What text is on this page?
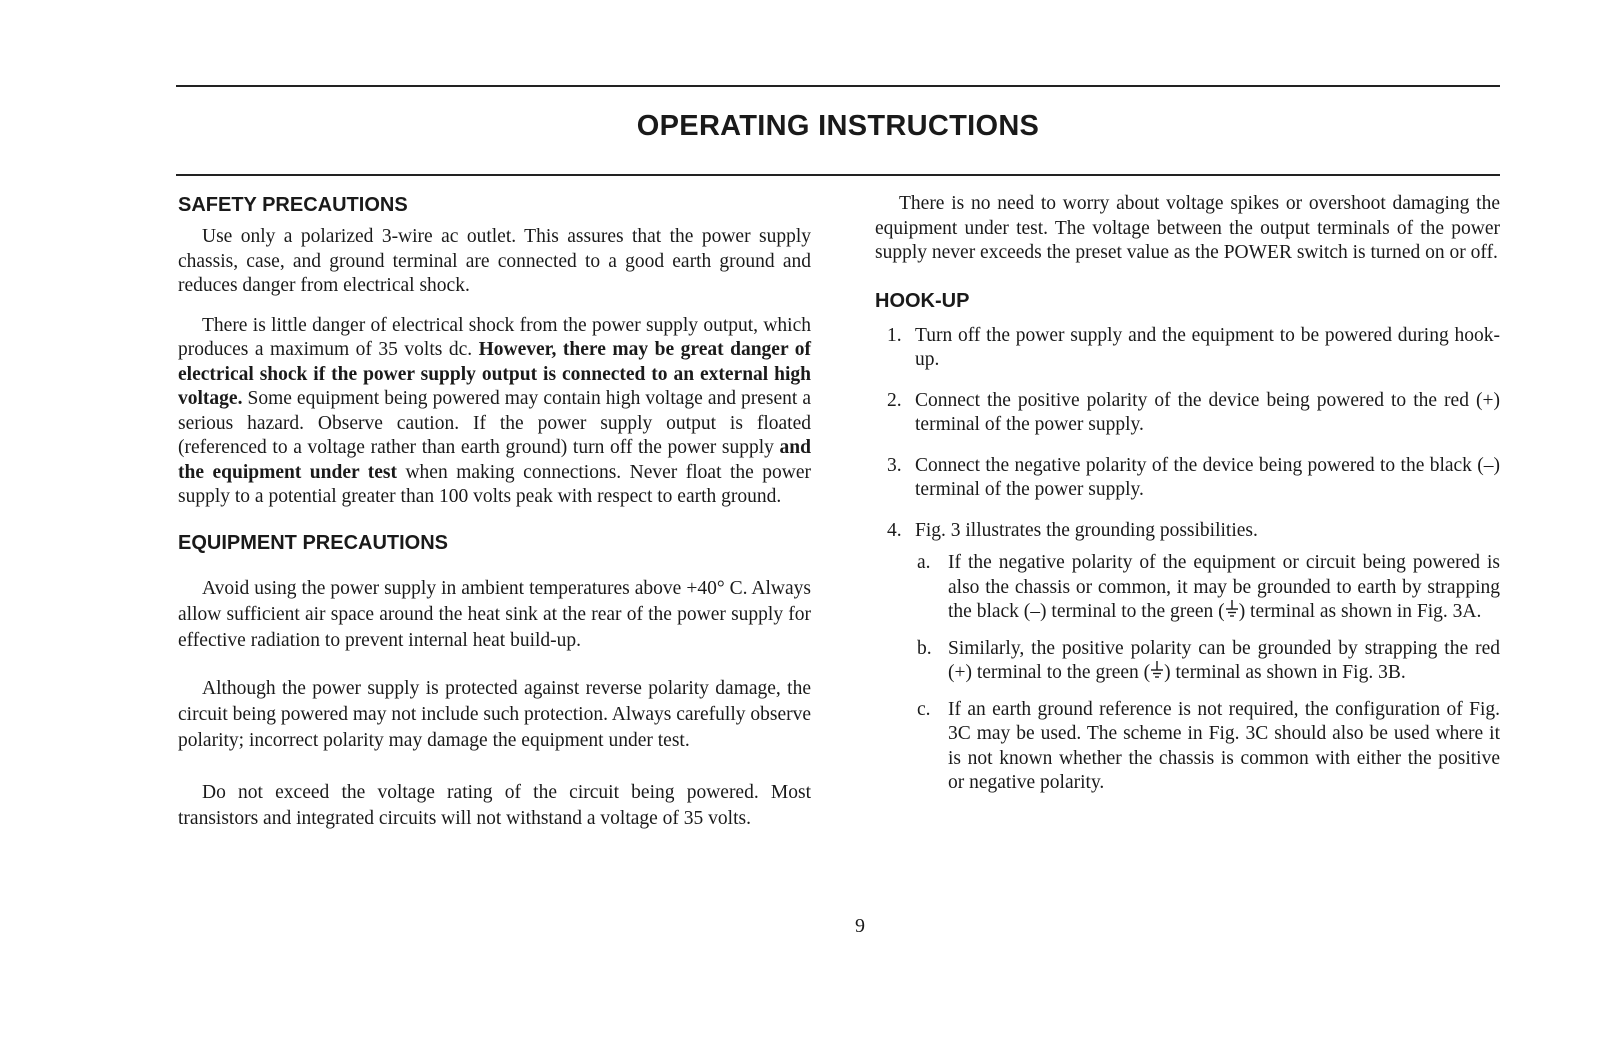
OPERATING INSTRUCTIONS
SAFETY PRECAUTIONS

Use only a polarized 3-wire ac outlet. This assures that the power supply chassis, case, and ground terminal are connected to a good earth ground and reduces danger from electrical shock.

There is little danger of electrical shock from the power supply output, which produces a maximum of 35 volts dc. However, there may be great danger of electrical shock if the power supply output is connected to an external high voltage. Some equipment being powered may contain high voltage and present a serious hazard. Observe caution. If the power supply output is floated (referenced to a voltage rather than earth ground) turn off the power supply and the equipment under test when making connections. Never float the power supply to a potential greater than 100 volts peak with respect to earth ground.

EQUIPMENT PRECAUTIONS

Avoid using the power supply in ambient temperatures above +40° C. Always allow sufficient air space around the heat sink at the rear of the power supply for effective radiation to prevent internal heat build-up.

Although the power supply is protected against reverse polarity damage, the circuit being powered may not include such protection. Always carefully observe polarity; incorrect polarity may damage the equipment under test.

Do not exceed the voltage rating of the circuit being powered. Most transistors and integrated circuits will not withstand a voltage of 35 volts.

There is no need to worry about voltage spikes or overshoot damaging the equipment under test. The voltage between the output terminals of the power supply never exceeds the preset value as the POWER switch is turned on or off.

HOOK-UP
1. Turn off the power supply and the equipment to be powered during hook-up.
2. Connect the positive polarity of the device being powered to the red (+) terminal of the power supply.
3. Connect the negative polarity of the device being powered to the black (–) terminal of the power supply.
4. Fig. 3 illustrates the grounding possibilities.
a. If the negative polarity of the equipment or circuit being powered is also the chassis or common, it may be grounded to earth by strapping the black (–) terminal to the green ( ) terminal as shown in Fig. 3A.
b. Similarly, the positive polarity can be grounded by strapping the red (+) terminal to the green ( ) terminal as shown in Fig. 3B.
c. If an earth ground reference is not required, the configuration of Fig. 3C may be used. The scheme in Fig. 3C should also be used where it is not known whether the chassis is common with either the positive or negative polarity.
9
